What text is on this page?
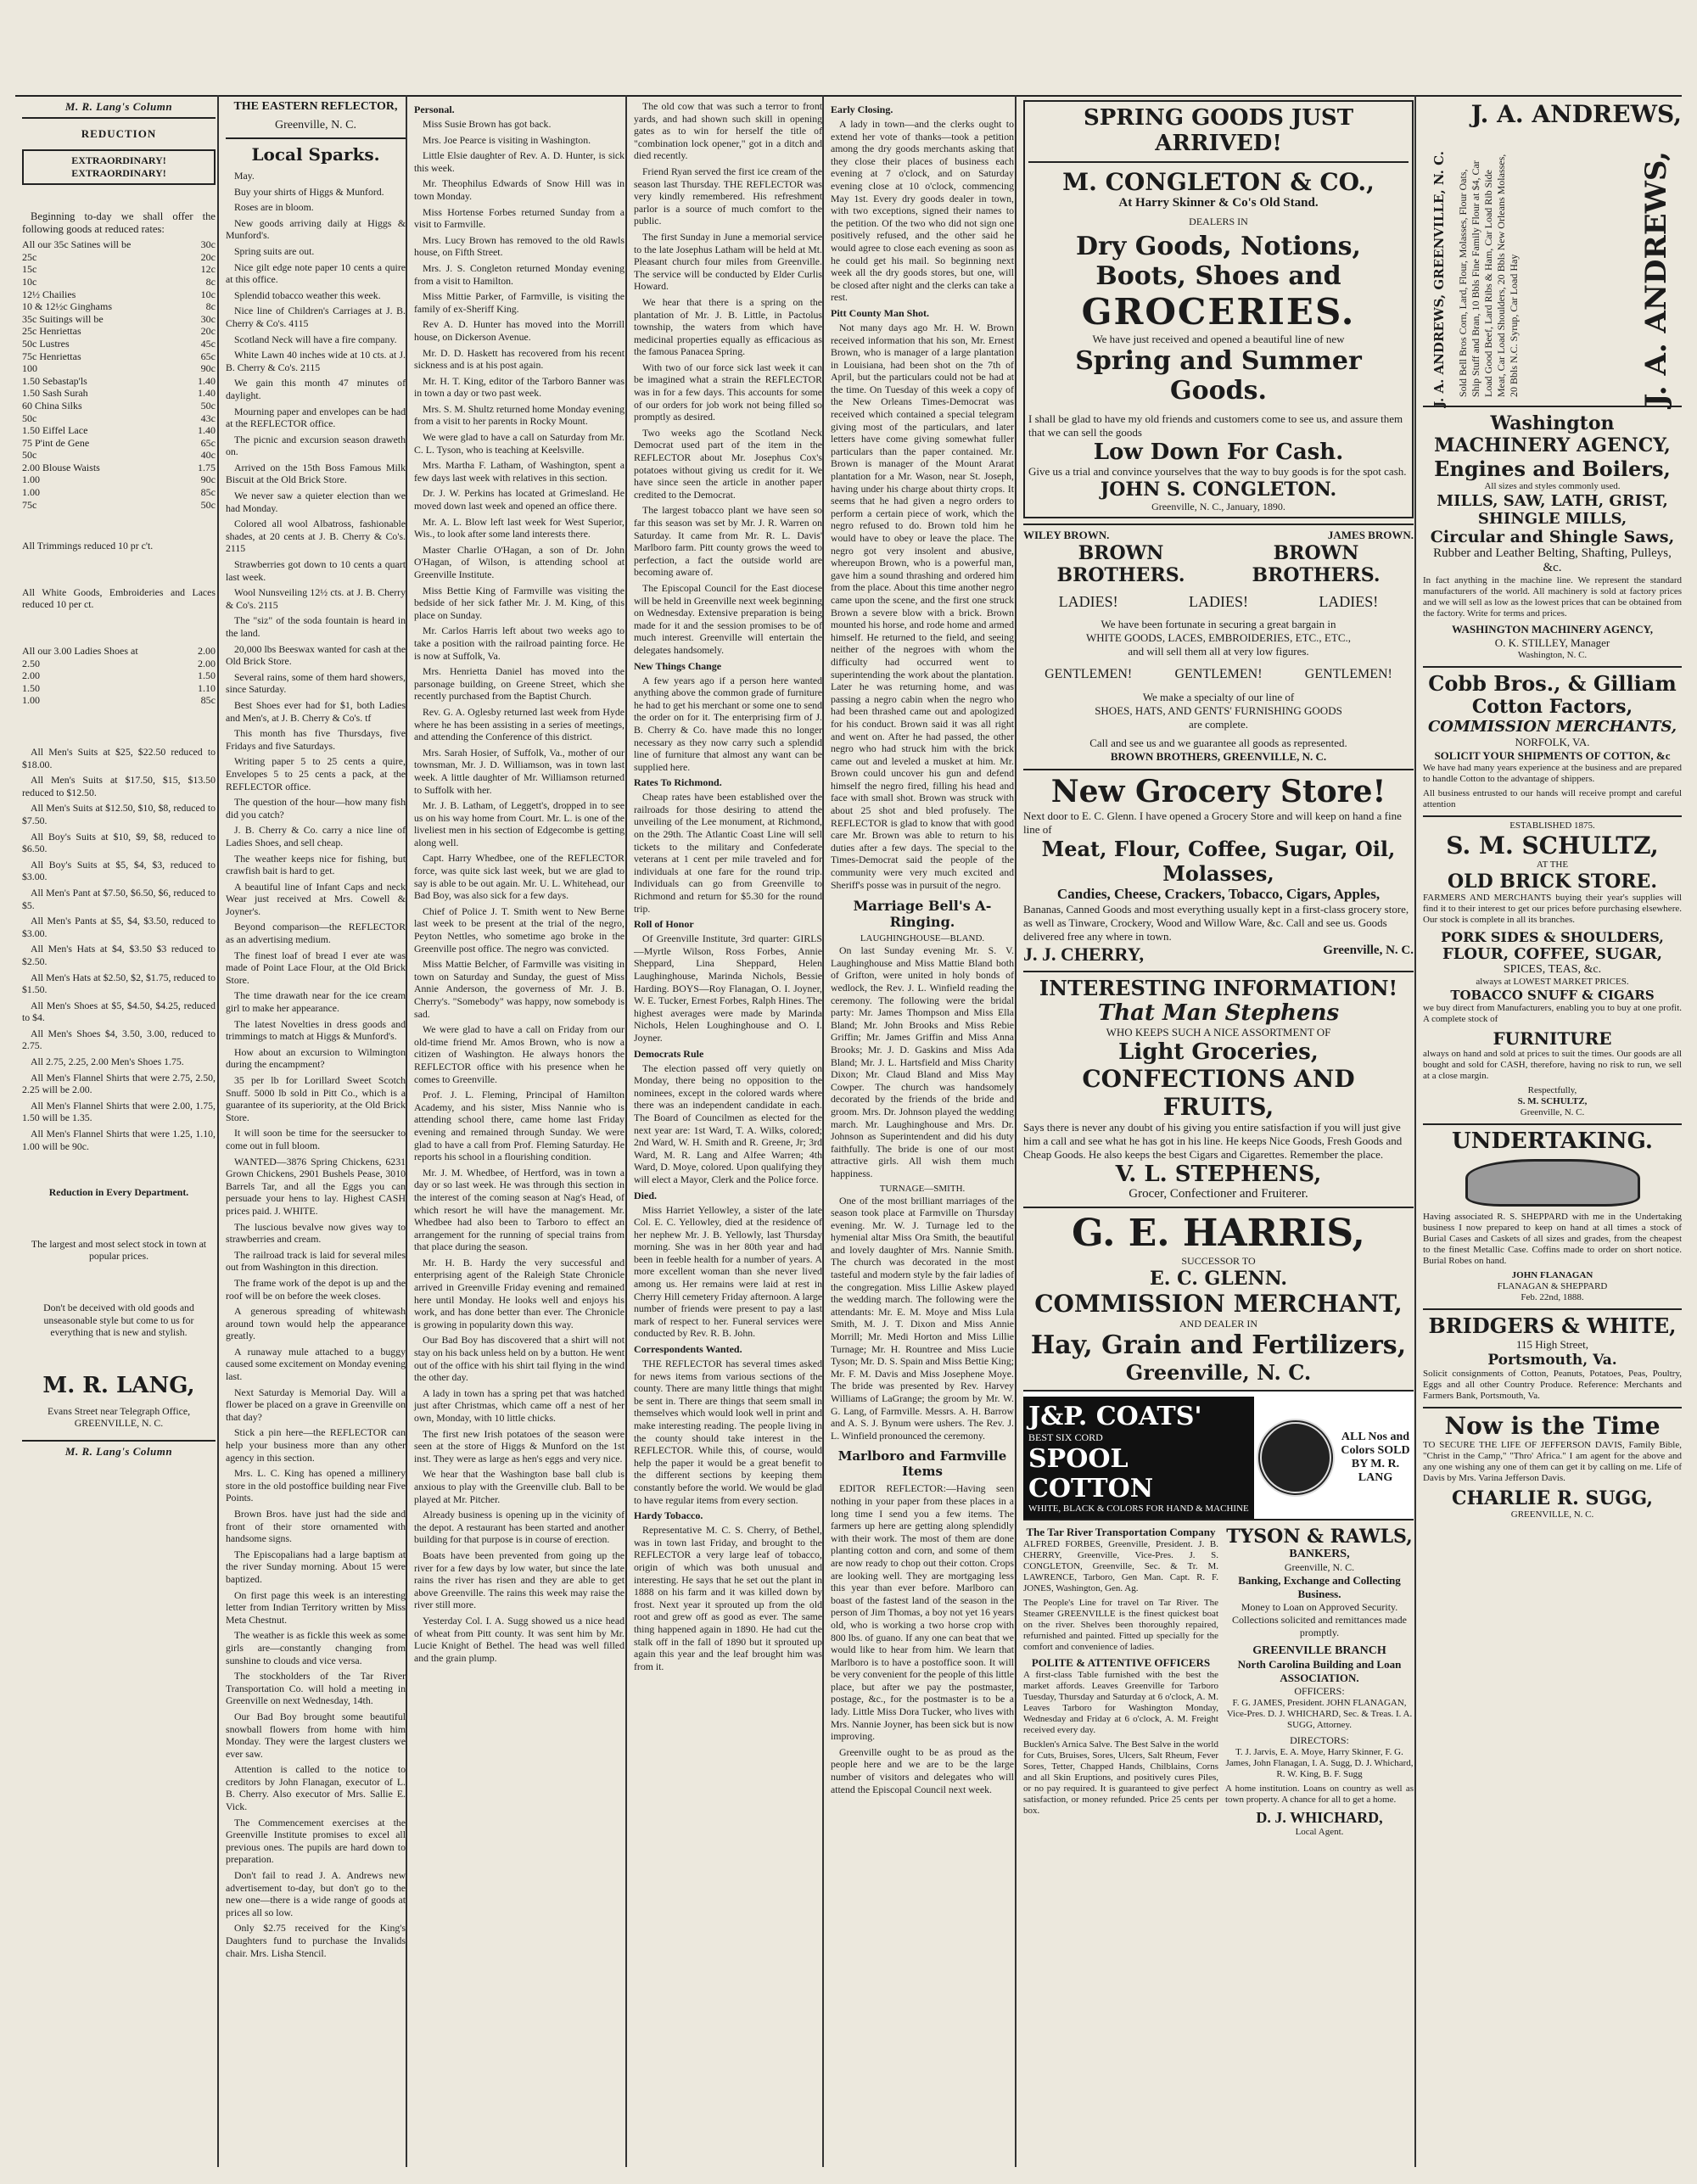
M. R. Lang's Column
REDUCTION
EXTRAORDINARY!
EXTRAORDINARY!

Beginning to-day we shall offer the following goods at reduced rates:

All our 35c Satines will be	30c
25c	20c
15c	12c
10c	8c
12½ Chailies	10c
10 & 12½c Ginghams	8c
35c Suitings will be	30c
25c Henriettas	20c
50c Lustres	45c
75c Henriettas	65c
100	90c
1.50 Sebastap'ls	1.40
1.50 Sash Surah	1.40
60 China Silks	50c
50c	43c
1.50 Eiffel Lace	1.40
75 P'int de Gene	65c
50c	40c
2.00 Blouse Waists	1.75
1.00	90c
1.00	85c
75c	50c

All Trimmings reduced 10 pr c't.

All White Goods, Embroideries and Laces reduced 10 per ct.

All our 3.00 Ladies Shoes at	2.00
2.50	2.00
2.00	1.50
1.50	1.10
1.00	85c

All Men's Suits at $25, $22.50 reduced to $18.00.

All Men's Suits at $17.50, $15, $13.50 reduced to $12.50.

All Men's Suits at $12.50, $10, $8, reduced to $7.50.

All Boy's Suits at $10, $9, $8, reduced to $6.50.

All Boy's Suits at $5, $4, $3, reduced to $3.00.

All Men's Pant at $7.50, $6.50, $6, reduced to $5.

All Men's Pants at $5, $4, $3.50, reduced to $3.00.

All Men's Hats at $4, $3.50 $3 reduced to $2.50.

All Men's Hats at $2.50, $2, $1.75, reduced to $1.50.

All Men's Shoes at $5, $4.50, $4.25, reduced to $4.

All Men's Shoes $4, 3.50, 3.00, reduced to 2.75.

All 2.75, 2.25, 2.00 Men's Shoes 1.75.

All Men's Flannel Shirts that were 2.75, 2.50, 2.25 will be 2.00.

All Men's Flannel Shirts that were 2.00, 1.75, 1.50 will be 1.35.

All Men's Flannel Shirts that were 1.25, 1.10, 1.00 will be 90c.

Reduction in Every Department.

The largest and most select stock in town at popular prices.

Don't be deceived with old goods and unseasonable style but come to us for everything that is new and stylish.

M. R. LANG,

Evans Street near Telegraph Office, GREENVILLE, N. C.

M. R. Lang's Column
THE EASTERN REFLECTOR,
Greenville, N. C.
Local Sparks.

May.

Buy your shirts of Higgs & Munford.

Roses are in bloom.

New goods arriving daily at Higgs & Munford's.

Spring suits are out.

Nice gilt edge note paper 10 cents a quire at this office.

Splendid tobacco weather this week.

Nice line of Children's Carriages at J. B. Cherry & Co's. 4115

Scotland Neck will have a fire company.

White Lawn 40 inches wide at 10 cts. at J. B. Cherry & Co's. 2115

We gain this month 47 minutes of daylight.

Mourning paper and envelopes can be had at the REFLECTOR office.

The picnic and excursion season draweth on.

Arrived on the 15th Boss Famous Milk Biscuit at the Old Brick Store.

We never saw a quieter election than we had Monday.

Colored all wool Albatross, fashionable shades, at 20 cents at J. B. Cherry & Co's. 2115

Strawberries got down to 10 cents a quart last week.

Wool Nunsveiling 12½ cts. at J. B. Cherry & Co's. 2115

The "siz" of the soda fountain is heard in the land.

20,000 lbs Beeswax wanted for cash at the Old Brick Store.

Several rains, some of them hard showers, since Saturday.

Best Shoes ever had for $1, both Ladies and Men's, at J. B. Cherry & Co's. tf

This month has five Thursdays, five Fridays and five Saturdays.

Writing paper 5 to 25 cents a quire, Envelopes 5 to 25 cents a pack, at the REFLECTOR office.

The question of the hour—how many fish did you catch?

J. B. Cherry & Co. carry a nice line of Ladies Shoes, and sell cheap.

The weather keeps nice for fishing, but crawfish bait is hard to get.

A beautiful line of Infant Caps and neck Wear just received at Mrs. Cowell & Joyner's.

Beyond comparison—the REFLECTOR as an advertising medium.

The finest loaf of bread I ever ate was made of Point Lace Flour, at the Old Brick Store.

The time drawath near for the ice cream girl to make her appearance.

The latest Novelties in dress goods and trimmings to match at Higgs & Munford's.

How about an excursion to Wilmington during the encampment?

35 per lb for Lorillard Sweet Scotch Snuff. 5000 lb sold in Pitt Co., which is a guarantee of its superiority, at the Old Brick Store.

It will soon be time for the seersucker to come out in full bloom.

WANTED—3876 Spring Chickens, 6231 Grown Chickens, 2901 Bushels Pease, 3010 Barrels Tar, and all the Eggs you can persuade your hens to lay. Highest CASH prices paid. J. WHITE.

The luscious bevalve now gives way to strawberries and cream.

The railroad track is laid for several miles out from Washington in this direction.

The frame work of the depot is up and the roof will be on before the week closes.

A generous spreading of whitewash around town would help the appearance greatly.

A runaway mule attached to a buggy caused some excitement on Monday evening last.

Next Saturday is Memorial Day. Will a flower be placed on a grave in Greenville on that day?

Stick a pin here—the REFLECTOR can help your business more than any other agency in this section.

Mrs. L. C. King has opened a millinery store in the old postoffice building near Five Points.

Brown Bros. have just had the side and front of their store ornamented with handsome signs.

The Episcopalians had a large baptism at the river Sunday morning. About 15 were baptized.

On first page this week is an interesting letter from Indian Territory written by Miss Meta Chestnut.

The weather is as fickle this week as some girls are—constantly changing from sunshine to clouds and vice versa.

The stockholders of the Tar River Transportation Co. will hold a meeting in Greenville on next Wednesday, 14th.

Our Bad Boy brought some beautiful snowball flowers from home with him Monday. They were the largest clusters we ever saw.

Attention is called to the notice to creditors by John Flanagan, executor of L. B. Cherry. Also executor of Mrs. Sallie E. Vick.

The Commencement exercises at the Greenville Institute promises to excel all previous ones. The pupils are hard down to preparation.

Don't fail to read J. A. Andrews new advertisement to-day, but don't go to the new one—there is a wide range of goods at prices all so low.

Only $2.75 received for the King's Daughters fund to purchase the Invalids chair. Mrs. Lisha Stencil.

Personal.

Miss Susie Brown has got back.

Mrs. Joe Pearce is visiting in Washington.

Little Elsie daughter of Rev. A. D. Hunter, is sick this week.

Mr. Theophilus Edwards of Snow Hill was in town Monday.

Miss Hortense Forbes returned Sunday from a visit to Farmville.

Mrs. Lucy Brown has removed to the old Rawls house, on Fifth Street.

Mrs. J. S. Congleton returned Monday evening from a visit to Hamilton.

Miss Mittie Parker, of Farmville, is visiting the family of ex-Sheriff King.

Rev A. D. Hunter has moved into the Morrill house, on Dickerson Avenue.

Mr. D. D. Haskett has recovered from his recent sickness and is at his post again.

Mr. H. T. King, editor of the Tarboro Banner was in town a day or two past week.

Mrs. S. M. Shultz returned home Monday evening from a visit to her parents in Rocky Mount.

We were glad to have a call on Saturday from Mr. C. L. Tyson, who is teaching at Keelsville.

Mrs. Martha F. Latham, of Washington, spent a few days last week with relatives in this section.

Dr. J. W. Perkins has located at Grimesland. He moved down last week and opened an office there.

Mr. A. L. Blow left last week for West Superior, Wis., to look after some land interests there.

Master Charlie O'Hagan, a son of Dr. John O'Hagan, of Wilson, is attending school at Greenville Institute.

Miss Bettie King of Farmville was visiting the bedside of her sick father Mr. J. M. King, of this place on Sunday.

Mr. Carlos Harris left about two weeks ago to take a position with the railroad painting force. He is now at Suffolk, Va.

Mrs. Henrietta Daniel has moved into the parsonage building, on Greene Street, which she recently purchased from the Baptist Church.

Rev. G. A. Oglesby returned last week from Hyde where he has been assisting in a series of meetings, and attending the Conference of this district.

Mrs. Sarah Hosier, of Suffolk, Va., mother of our townsman, Mr. J. D. Williamson, was in town last week. A little daughter of Mr. Williamson returned to Suffolk with her.

Mr. J. B. Latham, of Leggett's, dropped in to see us on his way home from Court. Mr. L. is one of the liveliest men in his section of Edgecombe is getting along well.

Capt. Harry Whedbee, one of the REFLECTOR force, was quite sick last week, but we are glad to say is able to be out again. Mr. U. L. Whitehead, our Bad Boy, was also sick for a few days.

Chief of Police J. T. Smith went to New Berne last week to be present at the trial of the negro, Peyton Nettles, who sometime ago broke in the Greenville post office. The negro was convicted.

Miss Mattie Belcher, of Farmville was visiting in town on Saturday and Sunday, the guest of Miss Annie Anderson, the governess of Mr. J. B. Cherry's. "Somebody" was happy, now somebody is sad.

We were glad to have a call on Friday from our old-time friend Mr. Amos Brown, who is now a citizen of Washington. He always honors the REFLECTOR office with his presence when he comes to Greenville.

Prof. J. L. Fleming, Principal of Hamilton Academy, and his sister, Miss Nannie who is attending school there, came home last Friday evening and remained through Sunday. We were glad to have a call from Prof. Fleming Saturday. He reports his school in a flourishing condition.

Mr. J. M. Whedbee, of Hertford, was in town a day or so last week. He was through this section in the interest of the coming season at Nag's Head, of which resort he will have the management. Mr. Whedbee had also been to Tarboro to effect an arrangement for the running of special trains from that place during the season.

Mr. H. B. Hardy the very successful and enterprising agent of the Raleigh State Chronicle arrived in Greenville Friday evening and remained here until Monday. He looks well and enjoys his work, and has done better than ever. The Chronicle is growing in popularity down this way.

Our Bad Boy has discovered that a shirt will not stay on his back unless held on by a button. He went out of the office with his shirt tail flying in the wind the other day.

A lady in town has a spring pet that was hatched just after Christmas, which came off a nest of her own, Monday, with 10 little chicks.

The first new Irish potatoes of the season were seen at the store of Higgs & Munford on the 1st inst. They were as large as hen's eggs and very nice.

We hear that the Washington base ball club is anxious to play with the Greenville club. Ball to be played at Mr. Pitcher.

Already business is opening up in the vicinity of the depot. A restaurant has been started and another building for that purpose is in course of erection.

Boats have been prevented from going up the river for a few days by low water, but since the late rains the river has risen and they are able to get above Greenville. The rains this week may raise the river still more.

Yesterday Col. I. A. Sugg showed us a nice head of wheat from Pitt county. It was sent him by Mr. Lucie Knight of Bethel. The head was well filled and the grain plump.

The old cow that was such a terror to front yards, and had shown such skill in opening gates as to win for herself the title of "combination lock opener," got in a ditch and died recently.

Friend Ryan served the first ice cream of the season last Thursday. THE REFLECTOR was very kindly remembered. His refreshment parlor is a source of much comfort to the public.

The first Sunday in June a memorial service to the late Josephus Latham will be held at Mt. Pleasant church four miles from Greenville. The service will be conducted by Elder Curlis Howard.

We hear that there is a spring on the plantation of Mr. J. B. Little, in Pactolus township, the waters from which have medicinal properties equally as efficacious as the famous Panacea Spring.

With two of our force sick last week it can be imagined what a strain the REFLECTOR was in for a few days. This accounts for some of our orders for job work not being filled so promptly as desired.

Two weeks ago the Scotland Neck Democrat used part of the item in the REFLECTOR about Mr. Josephus Cox's potatoes without giving us credit for it. We have since seen the article in another paper credited to the Democrat.

The largest tobacco plant we have seen so far this season was set by Mr. J. R. Warren on Saturday. It came from Mr. R. L. Davis' Marlboro farm. Pitt county grows the weed to perfection, a fact the outside world are becoming aware of.

The Episcopal Council for the East diocese will be held in Greenville next week beginning on Wednesday. Extensive preparation is being made for it and the session promises to be of much interest. Greenville will entertain the delegates handsomely.

New Things Change

A few years ago if a person here wanted anything above the common grade of furniture he had to get his merchant or some one to send the order on for it. The enterprising firm of J. B. Cherry & Co. have made this no longer necessary as they now carry such a splendid line of furniture that almost any want can be supplied here.

Rates To Richmond.

Cheap rates have been established over the railroads for those desiring to attend the unveiling of the Lee monument, at Richmond, on the 29th. The Atlantic Coast Line will sell tickets to the military and Confederate veterans at 1 cent per mile traveled and for individuals at one fare for the round trip. Individuals can go from Greenville to Richmond and return for $5.30 for the round trip.

Roll of Honor

Of Greenville Institute, 3rd quarter: GIRLS—Myrtle Wilson, Ross Forbes, Annie Sheppard, Lina Sheppard, Helen Laughinghouse, Marinda Nichols, Bessie Harding. BOYS—Roy Flanagan, O. I. Joyner, W. E. Tucker, Ernest Forbes, Ralph Hines. The highest averages were made by Marinda Nichols, Helen Loughinghouse and O. I. Joyner.

Democrats Rule

The election passed off very quietly on Monday, there being no opposition to the nominees, except in the colored wards where there was an independent candidate in each. The Board of Councilmen as elected for the next year are: 1st Ward, T. A. Wilks, colored; 2nd Ward, W. H. Smith and R. Greene, Jr; 3rd Ward, M. R. Lang and Alfee Warren; 4th Ward, D. Moye, colored. Upon qualifying they will elect a Mayor, Clerk and the Police force.

Died.

Miss Harriet Yellowley, a sister of the late Col. E. C. Yellowley, died at the residence of her nephew Mr. J. B. Yellowly, last Thursday morning. She was in her 80th year and had been in feeble health for a number of years. A more excellent woman than she never lived among us. Her remains were laid at rest in Cherry Hill cemetery Friday afternoon. A large number of friends were present to pay a last mark of respect to her. Funeral services were conducted by Rev. R. B. John.

Correspondents Wanted.

THE REFLECTOR has several times asked for news items from various sections of the county. There are many little things that might be sent in. There are things that seem small in themselves which would look well in print and make interesting reading. The people living in the county should take interest in the REFLECTOR. While this, of course, would help the paper it would be a great benefit to the different sections by keeping them constantly before the world. We would be glad to have regular items from every section.

Hardy Tobacco.

Representative M. C. S. Cherry, of Bethel, was in town last Friday, and brought to the REFLECTOR a very large leaf of tobacco, origin of which was both unusual and interesting. He says that he set out the plant in 1888 on his farm and it was killed down by frost. Next year it sprouted up from the old root and grew off as good as ever. The same thing happened again in 1890. He had cut the stalk off in the fall of 1890 but it sprouted up again this year and the leaf brought him was from it.

Early Closing.

A lady in town—and the clerks ought to extend her vote of thanks—took a petition among the dry goods merchants asking that they close their places of business each evening at 7 o'clock, and on Saturday evening close at 10 o'clock, commencing May 1st. Every dry goods dealer in town, with two exceptions, signed their names to the petition. Of the two who did not sign one positively refused, and the other said he would agree to close each evening as soon as he could get his mail. So beginning next week all the dry goods stores, but one, will be closed after night and the clerks can take a rest.

Pitt County Man Shot.

Not many days ago Mr. H. W. Brown received information that his son, Mr. Ernest Brown, who is manager of a large plantation in Louisiana, had been shot on the 7th of April, but the particulars could not be had at the time. On Tuesday of this week a copy of the New Orleans Times-Democrat was received which contained a special telegram giving most of the particulars, and later letters have come giving somewhat fuller particulars than the paper contained. Mr. Brown is manager of the Mount Ararat plantation for a Mr. Wason, near St. Joseph, having under his charge about thirty crops. It seems that he had given a negro orders to perform a certain piece of work, which the negro refused to do. Brown told him he would have to obey or leave the place. The negro got very insolent and abusive, whereupon Brown, who is a powerful man, gave him a sound thrashing and ordered him from the place. About this time another negro came upon the scene, and the first one struck Brown a severe blow with a brick. Brown mounted his horse, and rode home and armed himself. He returned to the field, and seeing neither of the negroes with whom the difficulty had occurred went to superintending the work about the plantation. Later he was returning home, and was passing a negro cabin when the negro who had been thrashed came out and apologized for his conduct. Brown said it was all right and went on. After he had passed, the other negro who had struck him with the brick came out and leveled a musket at him. Mr. Brown could uncover his gun and defend himself the negro fired, filling his head and face with small shot. Brown was struck with about 25 shot and bled profusely. The REFLECTOR is glad to know that with good care Mr. Brown was able to return to his duties after a few days. The special to the Times-Democrat said the people of the community were very much excited and Sheriff's posse was in pursuit of the negro.

Marriage Bell's A-Ringing.
LAUGHINGHOUSE—BLAND.

On last Sunday evening Mr. S. V. Laughinghouse and Miss Mattie Bland both of Grifton, were united in holy bonds of wedlock, the Rev. J. L. Winfield reading the ceremony. The following were the bridal party: Mr. James Thompson and Miss Ella Bland; Mr. John Brooks and Miss Rebie Griffin; Mr. James Griffin and Miss Anna Brooks; Mr. J. D. Gaskins and Miss Ada Bland; Mr. J. L. Hartsfield and Miss Charity Dixon; Mr. Claud Bland and Miss May Cowper. The church was handsomely decorated by the friends of the bride and groom. Mrs. Dr. Johnson played the wedding march. Mr. Laughinghouse and Mrs. Dr. Johnson as Superintendent and did his duty faithfully. The bride is one of our most attractive girls. All wish them much happiness.

TURNAGE—SMITH.

One of the most brilliant marriages of the season took place at Farmville on Thursday evening. Mr. W. J. Turnage led to the hymenial altar Miss Ora Smith, the beautiful and lovely daughter of Mrs. Nannie Smith. The church was decorated in the most tasteful and modern style by the fair ladies of the congregation. Miss Lillie Askew played the wedding march. The following were the attendants: Mr. E. M. Moye and Miss Lula Smith, M. J. T. Dixon and Miss Annie Morrill; Mr. Medi Horton and Miss Lillie Turnage; Mr. H. Rountree and Miss Lucie Tyson; Mr. D. S. Spain and Miss Bettie King; Mr. F. M. Davis and Miss Josephene Moye. The bride was presented by Rev. Harvey Williams of LaGrange; the groom by Mr. W. G. Lang, of Farmville. Messrs. A. H. Barrow and A. S. J. Bynum were ushers. The Rev. J. L. Winfield pronounced the ceremony.

Marlboro and Farmville Items

EDITOR REFLECTOR:—Having seen nothing in your paper from these places in a long time I send you a few items. The farmers up here are getting along splendidly with their work. The most of them are done planting cotton and corn, and some of them are now ready to chop out their cotton. Crops are looking well. They are mortgaging less this year than ever before. Marlboro can boast of the fastest land of the season in the person of Jim Thomas, a boy not yet 16 years old, who is working a two horse crop with 800 lbs. of guano. If any one can beat that we would like to hear from him. We learn that Marlboro is to have a postoffice soon. It will be very convenient for the people of this little place, but after we pay the postmaster, postage, &c., for the postmaster is to be a lady. Little Miss Dora Tucker, who lives with Mrs. Nannie Joyner, has been sick but is now improving.

Greenville ought to be as proud as the people here and we are to be the large number of visitors and delegates who will attend the Episcopal Council next week.

SPRING GOODS JUST ARRIVED!
M. CONGLETON & CO.,
At Harry Skinner & Co's Old Stand.
DEALERS IN
Dry Goods, Notions, Boots, Shoes and
GROCERIES.
We have just received and opened a beautiful line of new
Spring and Summer Goods.
I shall be glad to have my old friends and customers come to see us, and assure them that we can sell the goods
Low Down For Cash.
Give us a trial and convince yourselves that the way to buy goods is for the spot cash.
JOHN S. CONGLETON.
Greenville, N. C., January, 1890.
WILEY BROWN.	JAMES BROWN.
BROWN BROTHERS.
BROWN BROTHERS.
LADIES!	LADIES!	LADIES!
We have been fortunate in securing a great bargain in
WHITE GOODS, LACES, EMBROIDERIES, ETC., ETC.,
and will sell them all at very low figures.
GENTLEMEN!	GENTLEMEN!	GENTLEMEN!
We make a specialty of our line of
SHOES, HATS, AND GENTS' FURNISHING GOODS
are complete.
Call and see us and we guarantee all goods as represented.
BROWN BROTHERS, GREENVILLE, N. C.
New Grocery Store!
Next door to E. C. Glenn. I have opened a Grocery Store and will keep on hand a fine line of
Meat, Flour, Coffee, Sugar, Oil, Molasses,
Candies, Cheese, Crackers, Tobacco, Cigars, Apples,
Bananas, Canned Goods and most everything usually kept in a first-class grocery store, as well as Tinware, Crockery, Wood and Willow Ware, &c. Call and see us. Goods delivered free any where in town.
J. J. CHERRY,	Greenville, N. C.
INTERESTING INFORMATION!
That Man Stephens
WHO KEEPS SUCH A NICE ASSORTMENT OF
Light Groceries,
CONFECTIONS AND FRUITS,
Says there is never any doubt of his giving you entire satisfaction if you will just give him a call and see what he has got in his line. He keeps Nice Goods, Fresh Goods and Cheap Goods. He also keeps the best Cigars and Cigarettes. Remember the place.
V. L. STEPHENS,
Grocer, Confectioner and Fruiterer.
G. E. HARRIS,
SUCCESSOR TO
E. C. GLENN.
COMMISSION MERCHANT,
AND DEALER IN
Hay, Grain and Fertilizers,
Greenville, N. C.
J&P. COATS'
BEST SIX CORD
SPOOL COTTON
WHITE, BLACK & COLORS FOR HAND & MACHINE
ALL Nos and Colors SOLD BY M. R. LANG
The Tar River Transportation Company

ALFRED FORBES, Greenville, President. J. B. CHERRY, Greenville, Vice-Pres. J. S. CONGLETON, Greenville, Sec. & Tr. M. LAWRENCE, Tarboro, Gen Man. Capt. R. F. JONES, Washington, Gen. Ag.

The People's Line for travel on Tar River. The Steamer GREENVILLE is the finest quickest boat on the river. Shelves been thoroughly repaired, refurnished and painted. Fitted up specially for the comfort and convenience of ladies.

POLITE & ATTENTIVE OFFICERS

A first-class Table furnished with the best the market affords. Leaves Greenville for Tarboro Tuesday, Thursday and Saturday at 6 o'clock, A. M. Leaves Tarboro for Washington Monday, Wednesday and Friday at 6 o'clock, A. M. Freight received every day.

Bucklen's Arnica Salve. The Best Salve in the world for Cuts, Bruises, Sores, Ulcers, Salt Rheum, Fever Sores, Tetter, Chapped Hands, Chilblains, Corns and all Skin Eruptions, and positively cures Piles, or no pay required. It is guaranteed to give perfect satisfaction, or money refunded. Price 25 cents per box.

TYSON & RAWLS,
BANKERS,
Greenville, N. C.
Banking, Exchange and Collecting Business.
Money to Loan on Approved Security.
Collections solicited and remittances made promptly.
GREENVILLE BRANCH
North Carolina Building and Loan ASSOCIATION.
OFFICERS:

F. G. JAMES, President. JOHN FLANAGAN, Vice-Pres. D. J. WHICHARD, Sec. & Treas. I. A. SUGG, Attorney.

DIRECTORS:

T. J. Jarvis, E. A. Moye, Harry Skinner, F. G. James, John Flanagan, I. A. Sugg, D. J. Whichard, R. W. King, B. F. Sugg

A home institution. Loans on country as well as town property. A chance for all to get a home.

D. J. WHICHARD,
Local Agent.
J. A. ANDREWS,
J. A. ANDREWS, GREENVILLE, N. C. Sold Bell Bros Corn, Lard, Flour, Molasses, Flour Oats, Ship Stuff and Bran, 10 Bbls Fine Family Flour at $4, Car Load Good Beef, Lard Ribs & Ham, Car Load Rib Side Meat, Car Load Shoulders, 20 Bbls New Orleans Molasses, 20 Bbls N.C. Syrup, Car Load Hay	J. A. ANDREWS,
Washington MACHINERY AGENCY,
Engines and Boilers,
All sizes and styles commonly used.
MILLS, SAW, LATH, GRIST, SHINGLE MILLS,
Circular and Shingle Saws,
Rubber and Leather Belting, Shafting, Pulleys, &c.

In fact anything in the machine line. We represent the standard manufacturers of the world. All machinery is sold at factory prices and we will sell as low as the lowest prices that can be obtained from the factory. Write for terms and prices.

WASHINGTON MACHINERY AGENCY,
O. K. STILLEY, Manager
Washington, N. C.
Cobb Bros., & Gilliam
Cotton Factors,
COMMISSION MERCHANTS,
NORFOLK, VA.
SOLICIT YOUR SHIPMENTS OF COTTON, &c

We have had many years experience at the business and are prepared to handle Cotton to the advantage of shippers.

All business entrusted to our hands will receive prompt and careful attention

ESTABLISHED 1875.
S. M. SCHULTZ,
AT THE
OLD BRICK STORE.

FARMERS AND MERCHANTS buying their year's supplies will find it to their interest to get our prices before purchasing elsewhere. Our stock is complete in all its branches.

PORK SIDES & SHOULDERS,
FLOUR, COFFEE, SUGAR,
SPICES, TEAS, &c.
always at LOWEST MARKET PRICES.
TOBACCO SNUFF & CIGARS

we buy direct from Manufacturers, enabling you to buy at one profit. A complete stock of

FURNITURE

always on hand and sold at prices to suit the times. Our goods are all bought and sold for CASH, therefore, having no risk to run, we sell at a close margin.

Respectfully,
S. M. SCHULTZ,
Greenville, N. C.
UNDERTAKING.

Having associated R. S. SHEPPARD with me in the Undertaking business I now prepared to keep on hand at all times a stock of Burial Cases and Caskets of all sizes and grades, from the cheapest to the finest Metallic Case. Coffins made to order on short notice. Burial Robes on hand.

JOHN FLANAGAN
FLANAGAN & SHEPPARD
Feb. 22nd, 1888.
BRIDGERS & WHITE,
115 High Street,
Portsmouth, Va.

Solicit consignments of Cotton, Peanuts, Potatoes, Peas, Poultry, Eggs and all other Country Produce. Reference: Merchants and Farmers Bank, Portsmouth, Va.

Now is the Time

TO SECURE THE LIFE OF JEFFERSON DAVIS, Family Bible, "Christ in the Camp," "Thro' Africa." I am agent for the above and any one wishing any one of them can get it by calling on me. Life of Davis by Mrs. Varina Jefferson Davis.

CHARLIE R. SUGG,
GREENVILLE, N. C.
